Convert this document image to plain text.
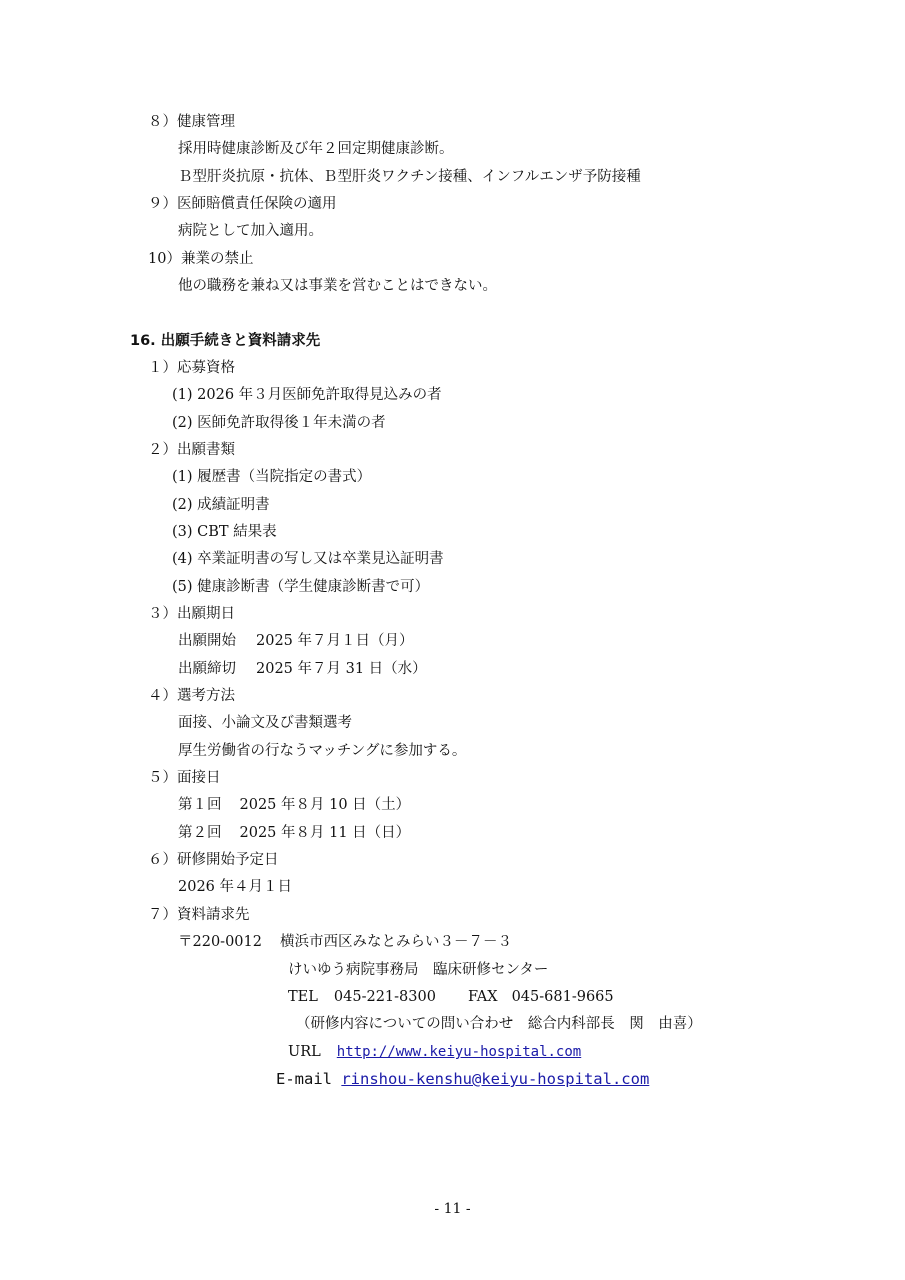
８）健康管理
採用時健康診断及び年２回定期健康診断。
Ｂ型肝炎抗原・抗体、Ｂ型肝炎ワクチン接種、インフルエンザ予防接種
９）医師賠償責任保険の適用
病院として加入適用。
10）兼業の禁止
他の職務を兼ね又は事業を営むことはできない。
16. 出願手続きと資料請求先
１）応募資格
(1) 2026 年３月医師免許取得見込みの者
(2) 医師免許取得後１年未満の者
２）出願書類
(1) 履歴書（当院指定の書式）
(2) 成績証明書
(3) CBT 結果表
(4) 卒業証明書の写し又は卒業見込証明書
(5) 健康診断書（学生健康診断書で可）
３）出願期日
出願開始 2025 年７月１日（月）
出願締切 2025 年７月 31 日（水）
４）選考方法
面接、小論文及び書類選考
厚生労働省の行なうマッチングに参加する。
５）面接日
第１回 2025 年８月 10 日（土）
第２回 2025 年８月 11 日（日）
６）研修開始予定日
2026 年４月１日
７）資料請求先
〒220-0012 横浜市西区みなとみらい３－７－３
けいゆう病院事務局　臨床研修センター
TEL 045-221-8300 FAX 045-681-9665
（研修内容についての問い合わせ　総合内科部長　関　由喜）
URL http://www.keiyu-hospital.com
E-mail rinshou-kenshu@keiyu-hospital.com
- 11 -
